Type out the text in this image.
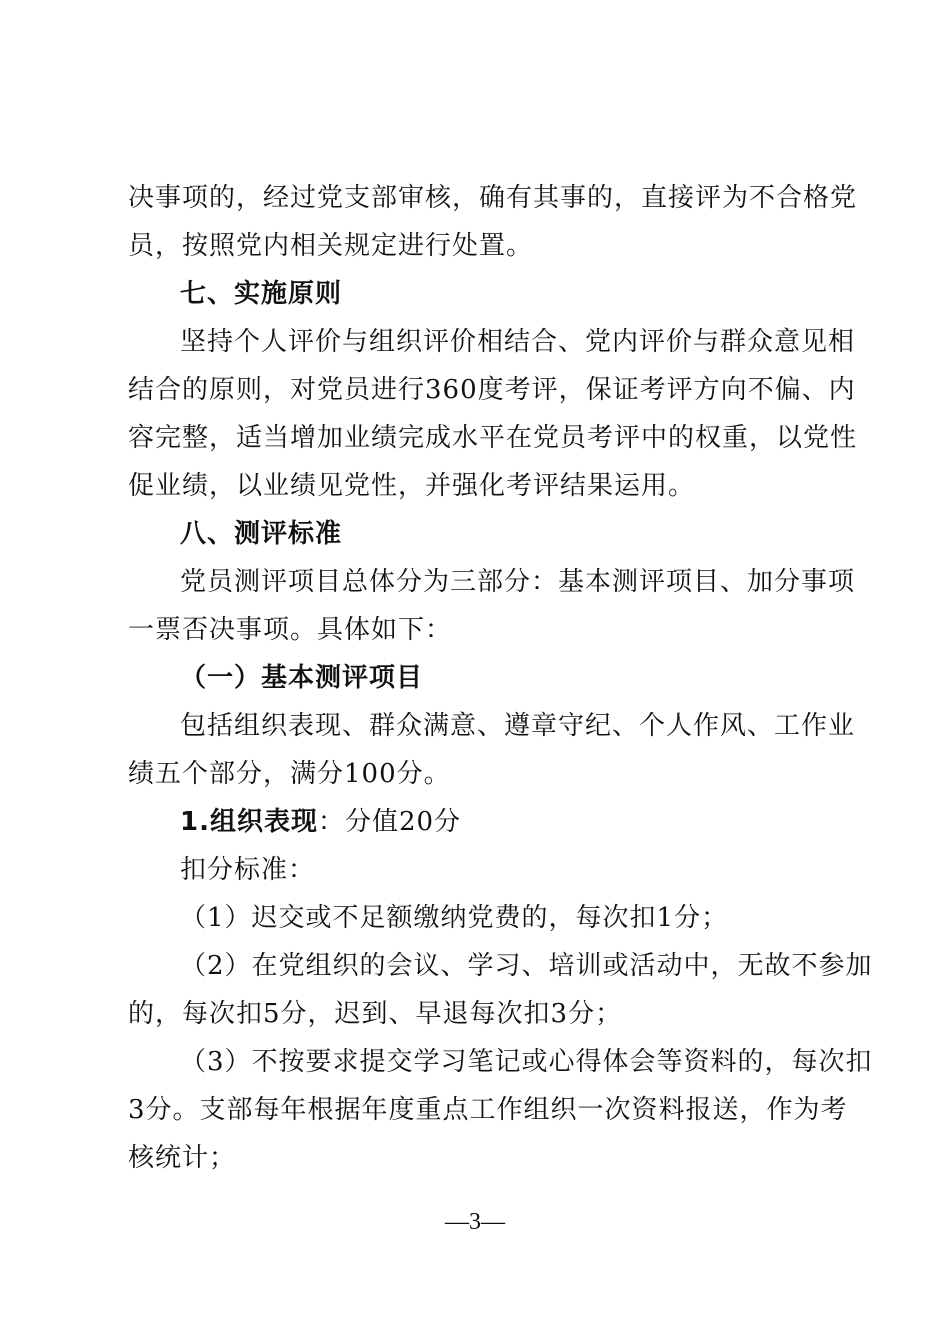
决事项的，经过党支部审核，确有其事的，直接评为不合格党
员，按照党内相关规定进行处置。
七、实施原则
坚持个人评价与组织评价相结合、党内评价与群众意见相
结合的原则，对党员进行360度考评，保证考评方向不偏、内
容完整，适当增加业绩完成水平在党员考评中的权重，以党性
促业绩，以业绩见党性，并强化考评结果运用。
八、测评标准
党员测评项目总体分为三部分：基本测评项目、加分事项
一票否决事项。具体如下：
（一）基本测评项目
包括组织表现、群众满意、遵章守纪、个人作风、工作业
绩五个部分，满分100分。
1.组织表现：分值20分
扣分标准：
（1）迟交或不足额缴纳党费的，每次扣1分；
（2）在党组织的会议、学习、培训或活动中，无故不参加
的，每次扣5分，迟到、早退每次扣3分；
（3）不按要求提交学习笔记或心得体会等资料的，每次扣
3分。支部每年根据年度重点工作组织一次资料报送，作为考
核统计；
—3—
